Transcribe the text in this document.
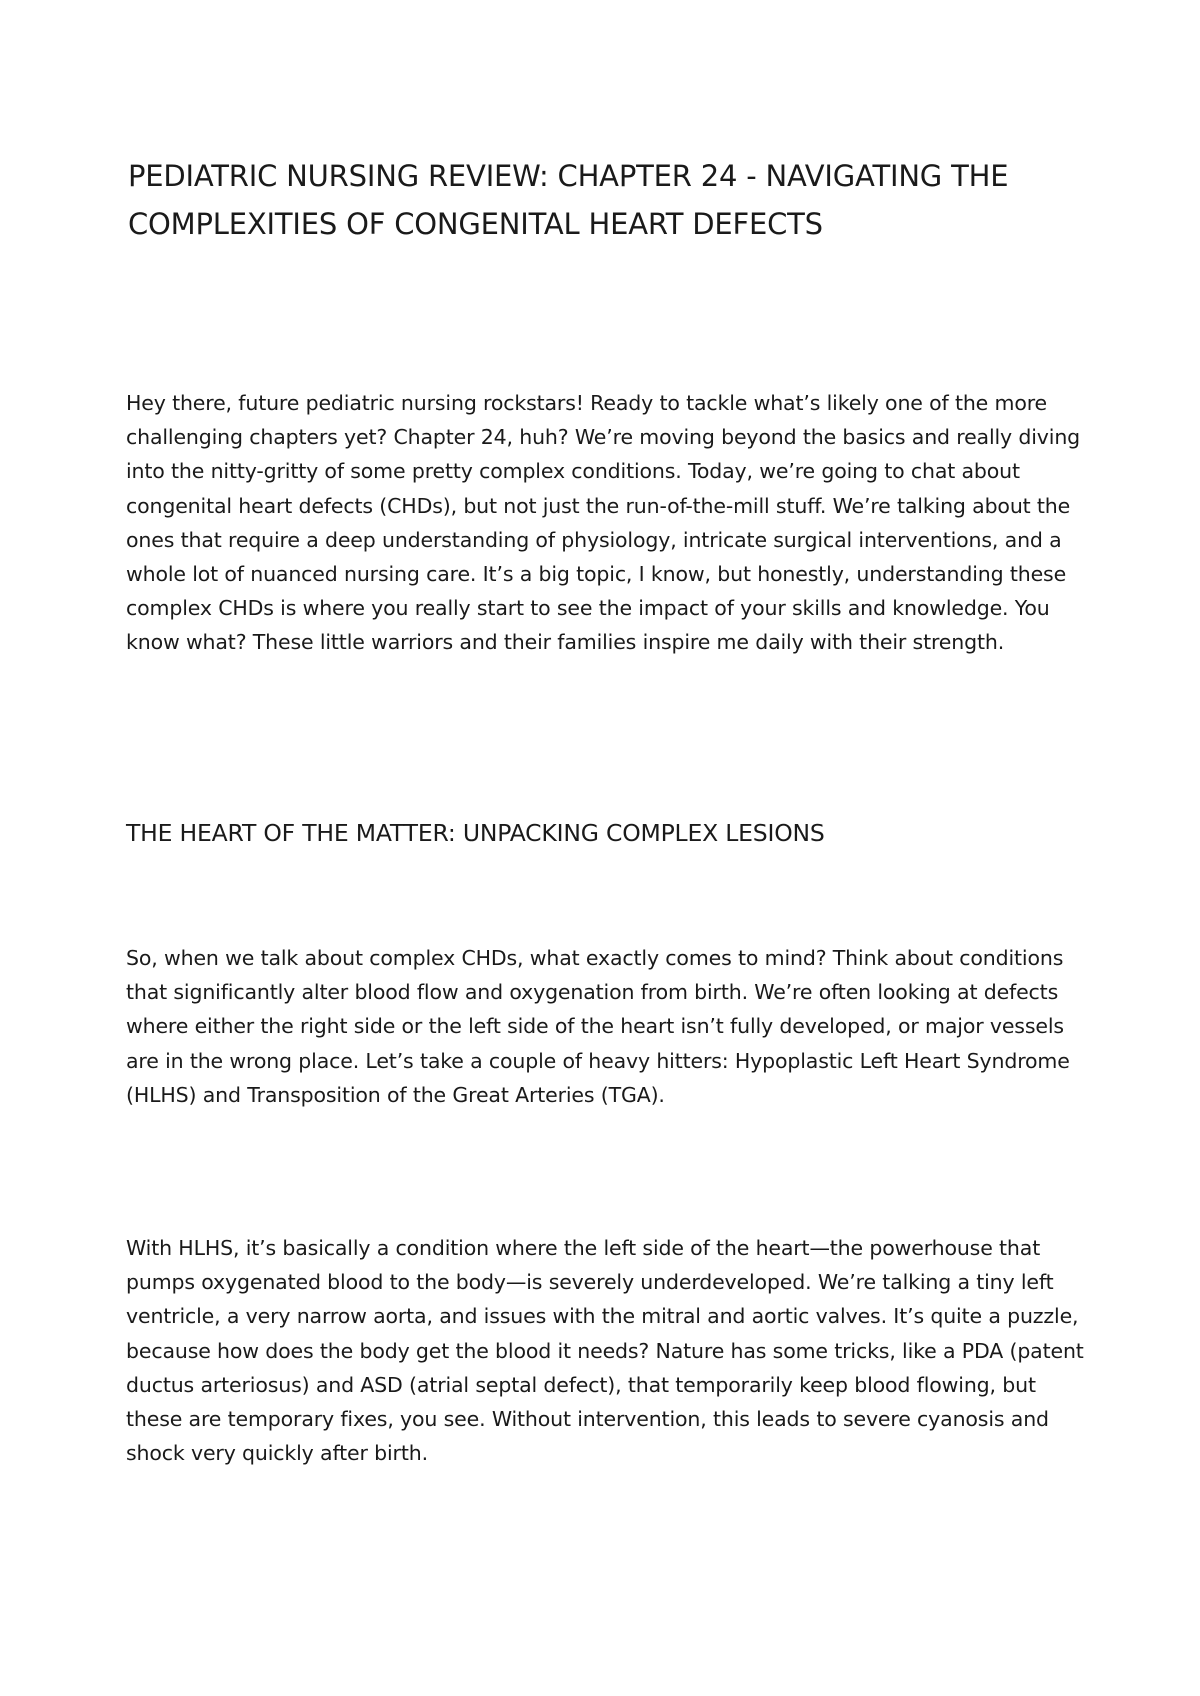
PEDIATRIC NURSING REVIEW: CHAPTER 24 - NAVIGATING THE COMPLEXITIES OF CONGENITAL HEART DEFECTS

Hey there, future pediatric nursing rockstars! Ready to tackle what’s likely one of the more challenging chapters yet? Chapter 24, huh? We’re moving beyond the basics and really diving into the nitty-gritty of some pretty complex conditions. Today, we’re going to chat about congenital heart defects (CHDs), but not just the run-of-the-mill stuff. We’re talking about the ones that require a deep understanding of physiology, intricate surgical interventions, and a whole lot of nuanced nursing care. It’s a big topic, I know, but honestly, understanding these complex CHDs is where you really start to see the impact of your skills and knowledge. You know what? These little warriors and their families inspire me daily with their strength.

THE HEART OF THE MATTER: UNPACKING COMPLEX LESIONS

So, when we talk about complex CHDs, what exactly comes to mind? Think about conditions that significantly alter blood flow and oxygenation from birth. We’re often looking at defects where either the right side or the left side of the heart isn’t fully developed, or major vessels are in the wrong place. Let’s take a couple of heavy hitters: Hypoplastic Left Heart Syndrome (HLHS) and Transposition of the Great Arteries (TGA).

With HLHS, it’s basically a condition where the left side of the heart—the powerhouse that pumps oxygenated blood to the body—is severely underdeveloped. We’re talking a tiny left ventricle, a very narrow aorta, and issues with the mitral and aortic valves. It’s quite a puzzle, because how does the body get the blood it needs? Nature has some tricks, like a PDA (patent ductus arteriosus) and ASD (atrial septal defect), that temporarily keep blood flowing, but these are temporary fixes, you see. Without intervention, this leads to severe cyanosis and shock very quickly after birth.
